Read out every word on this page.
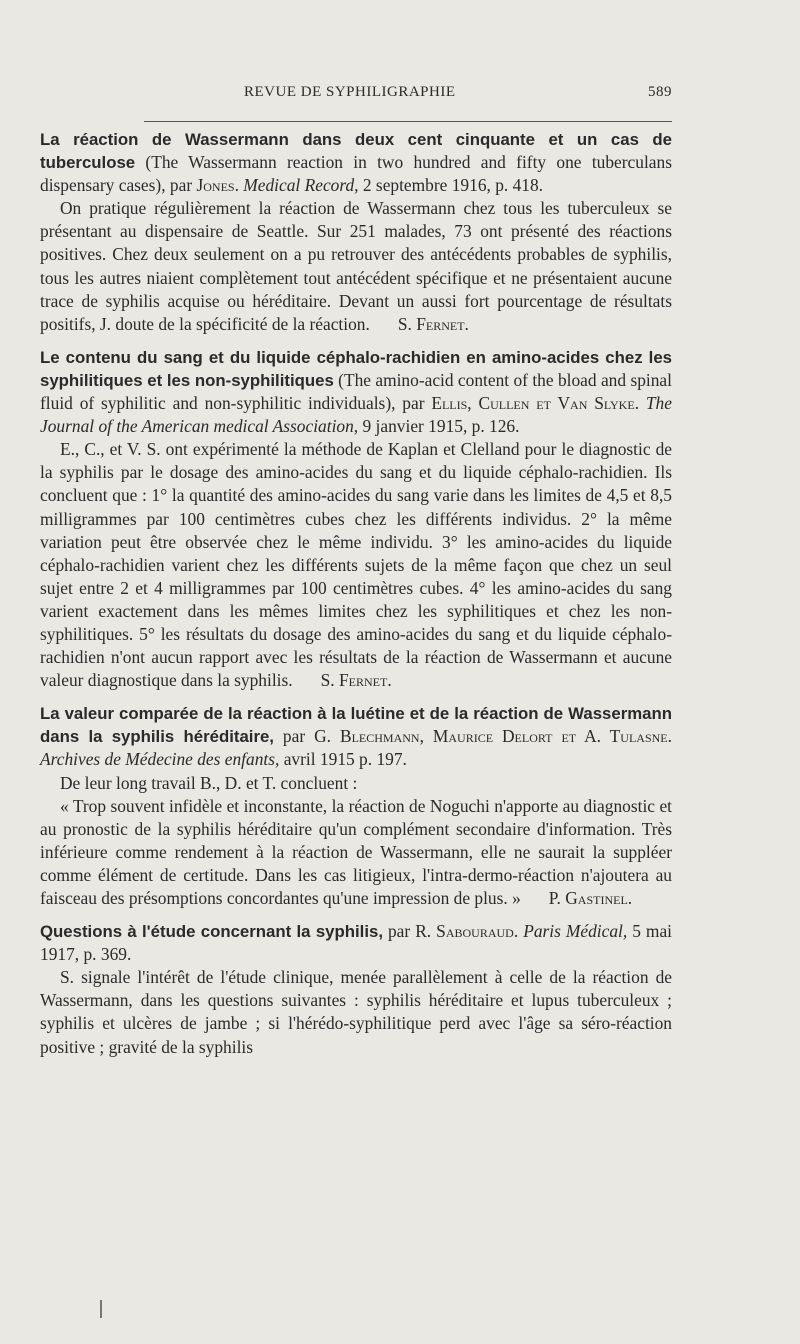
REVUE DE SYPHILIGRAPHIE	589

La réaction de Wassermann dans deux cent cinquante et un cas de tuberculose (The Wassermann reaction in two hundred and fifty one tuberculans dispensary cases), par Jones. Medical Record, 2 septembre 1916, p. 418.

On pratique régulièrement la réaction de Wassermann chez tous les tuberculeux se présentant au dispensaire de Seattle. Sur 251 malades, 73 ont présenté des réactions positives. Chez deux seulement on a pu retrouver des antécédents probables de syphilis, tous les autres niaient complètement tout antécédent spécifique et ne présentaient aucune trace de syphilis acquise ou héréditaire. Devant un aussi fort pourcentage de résultats positifs, J. doute de la spécificité de la réaction. S. Fernet.

Le contenu du sang et du liquide céphalo-rachidien en amino-acides chez les syphilitiques et les non-syphilitiques (The amino-acid content of the bload and spinal fluid of syphilitic and non-syphilitic individuals), par Ellis, Cullen et Van Slyke. The Journal of the American medical Association, 9 janvier 1915, p. 126.

E., C., et V. S. ont expérimenté la méthode de Kaplan et Clelland pour le diagnostic de la syphilis par le dosage des amino-acides du sang et du liquide céphalo-rachidien. Ils concluent que : 1° la quantité des amino-acides du sang varie dans les limites de 4,5 et 8,5 milligrammes par 100 centimètres cubes chez les différents individus. 2° la même variation peut être observée chez le même individu. 3° les amino-acides du liquide céphalo-rachidien varient chez les différents sujets de la même façon que chez un seul sujet entre 2 et 4 milligrammes par 100 centimètres cubes. 4° les amino-acides du sang varient exactement dans les mêmes limites chez les syphilitiques et chez les non-syphilitiques. 5° les résultats du dosage des amino-acides du sang et du liquide céphalo-rachidien n'ont aucun rapport avec les résultats de la réaction de Wassermann et aucune valeur diagnostique dans la syphilis. S. Fernet.

La valeur comparée de la réaction à la luétine et de la réaction de Wassermann dans la syphilis héréditaire, par G. Blechmann, Maurice Delort et A. Tulasne. Archives de Médecine des enfants, avril 1915 p. 197.

De leur long travail B., D. et T. concluent :

« Trop souvent infidèle et inconstante, la réaction de Noguchi n'apporte au diagnostic et au pronostic de la syphilis héréditaire qu'un complément secondaire d'information. Très inférieure comme rendement à la réaction de Wassermann, elle ne saurait la suppléer comme élément de certitude. Dans les cas litigieux, l'intra-dermo-réaction n'ajoutera au faisceau des présomptions concordantes qu'une impression de plus. » P. Gastinel.

Questions à l'étude concernant la syphilis, par R. Sabouraud. Paris Médical, 5 mai 1917, p. 369.

S. signale l'intérêt de l'étude clinique, menée parallèlement à celle de la réaction de Wassermann, dans les questions suivantes : syphilis héréditaire et lupus tuberculeux ; syphilis et ulcères de jambe ; si l'hérédo-syphilitique perd avec l'âge sa séro-réaction positive ; gravité de la syphilis
